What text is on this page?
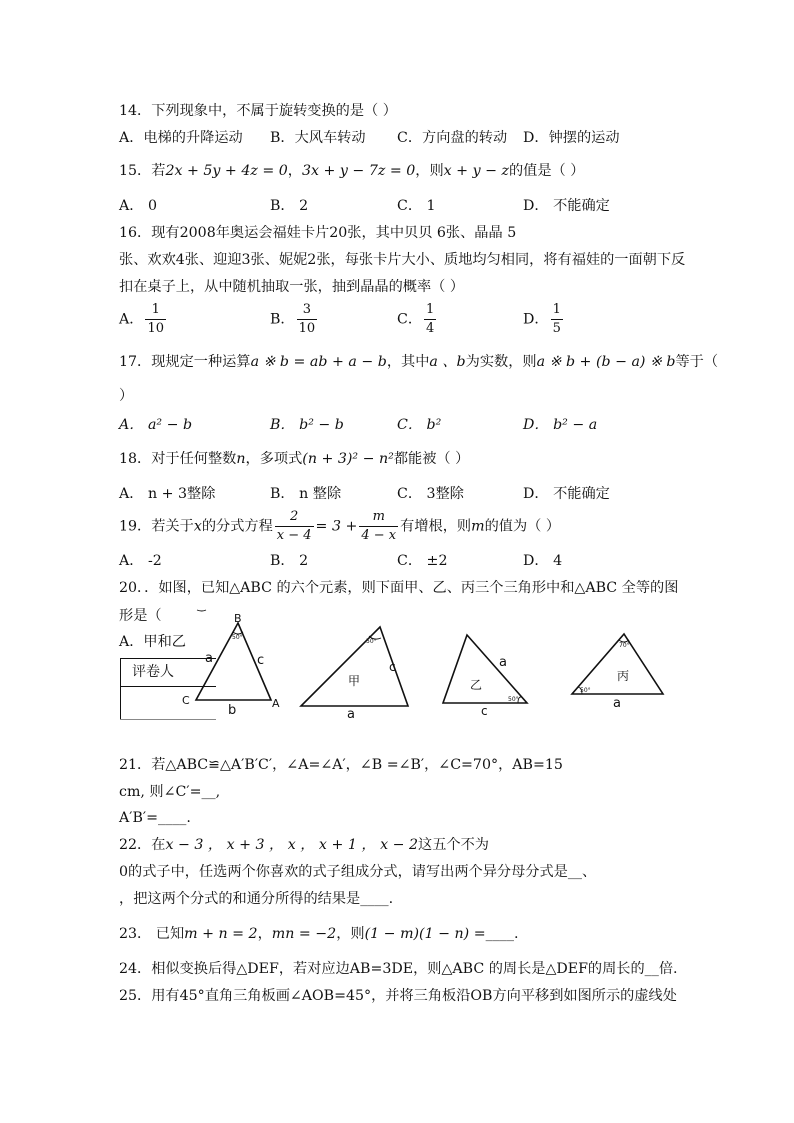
14．下列现象中，不属于旋转变换的是（ ）
A．电梯的升降运动 B．大风车转动 C．方向盘的转动 D．钟摆的运动
15．若2x + 5y + 4z = 0，3x + y − 7z = 0，则x + y − z的值是（ ）
A． 0	B． 2	C． 1	D． 不能确定
16．现有2008年奥运会福娃卡片20张，其中贝贝 6张、晶晶 5
张、欢欢4张、迎迎3张、妮妮2张，每张卡片大小、质地均匀相同，将有福娃的一面朝下反
扣在桌子上，从中随机抽取一张，抽到晶晶的概率（ ）
A． $\frac{1}{10}$	B． $\frac{3}{10}$	C． $\frac{1}{4}$	D． $\frac{1}{5}$
17．现规定一种运算a ※ b = ab + a − b，其中a 、b为实数，则a ※ b + (b − a) ※ b等于（
）
A． a² − b	B． b² − b	C． b²	D． b² − a
18．对于任何整数n，多项式(n + 3)² − n²都能被（ ）
A． n + 3整除	B． n 整除	C． 3整除	D． 不能确定
19．若关于x的分式方程 $\frac{2}{x - 4} = 3 + \frac{m}{4 - x}$ 有增根，则m的值为（ ）
A． -2	B． 2	C． ±2	D． 4
20．．如图，已知△ABC 的六个元素，则下面甲、乙、丙三个三角形中和△ABC 全等的图
形是（
A．甲和乙
评卷人
B
C	A
a	c
b
50°
甲
c
a
50°
乙
a
c
50°
丙
a
70°
50°
21．若△ABC≌△A′B′C′，∠A=∠A′，∠B =∠B′，∠C=70°，AB=15
cm, 则∠C′=__,
A′B′=____.
22．在x − 3 ， x + 3 ， x ， x + 1 ， x − 2这五个不为
0的式子中，任选两个你喜欢的式子组成分式，请写出两个异分母分式是__、
，把这两个分式的和通分所得的结果是____.
23． 已知m + n = 2，mn = −2，则(1 − m)(1 − n) =____.
24．相似变换后得△DEF，若对应边AB=3DE，则△ABC 的周长是△DEF的周长的__倍.
25．用有45°直角三角板画∠AOB=45°，并将三角板沿OB方向平移到如图所示的虚线处
